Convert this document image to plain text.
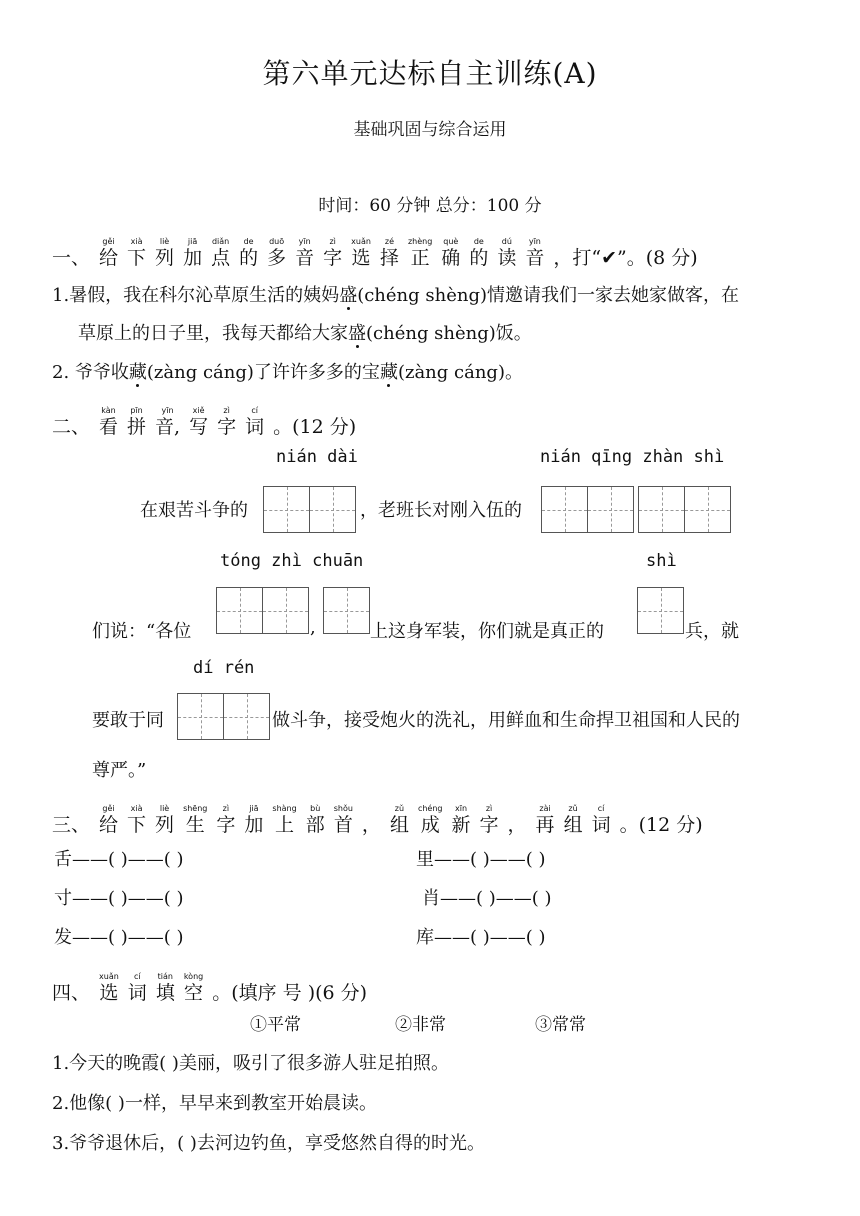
第六单元达标自主训练(A)
基础巩固与综合运用
时间：60 分钟 总分：100 分

一、
gěi
给
xià
下
liè
列
jiā
加
diǎn
点
de
的
duō
多
yīn
音
zì
字
xuǎn
选
zé
择
zhèng
正
què
确
de
的
dú
读
yīn
音
，打“✔”。(8 分)
1.暑假，我在科尔沁草原生活的姨妈盛(chéng shèng)情邀请我们一家去她家做客，在
草原上的日子里，我每天都给大家盛(chéng shèng)饭。
2. 爷爷收藏(zàng cáng)了许许多多的宝藏(zàng cáng)。

二、
kàn
看
pīn
拼
yīn
音,
xiě
写
zì
字
cí
词
。(12 分)
nián dài	nián qīng zhàn shì
在艰苦斗争的	，老班长对刚入伍的
tóng zhì chuān	shì
们说：“各位	,	上这身军装，你们就是真正的	兵，就
dí rén
要敢于同	做斗争，接受炮火的洗礼，用鲜血和生命捍卫祖国和人民的
尊严。”

三、
gěi
给
xià
下
liè
列
shēng
生
zì
字
jiā
加
shàng
上
bù
部
shǒu
首
，
zǔ
组
chéng
成
xīn
新
zì
字
，
zài
再
zǔ
组
cí
词
。(12 分)
舌——( )——( )	里——( )——( )
寸——( )——( )	肖——( )——( )
发——( )——( )	库——( )——( )

四、
xuǎn
选
cí
词
tián
填
kòng
空
。(填序 号 )(6 分)
①平常	②非常	③常常
1.今天的晚霞( )美丽，吸引了很多游人驻足拍照。
2.他像( )一样，早早来到教室开始晨读。
3.爷爷退休后，( )去河边钓鱼，享受悠然自得的时光。
